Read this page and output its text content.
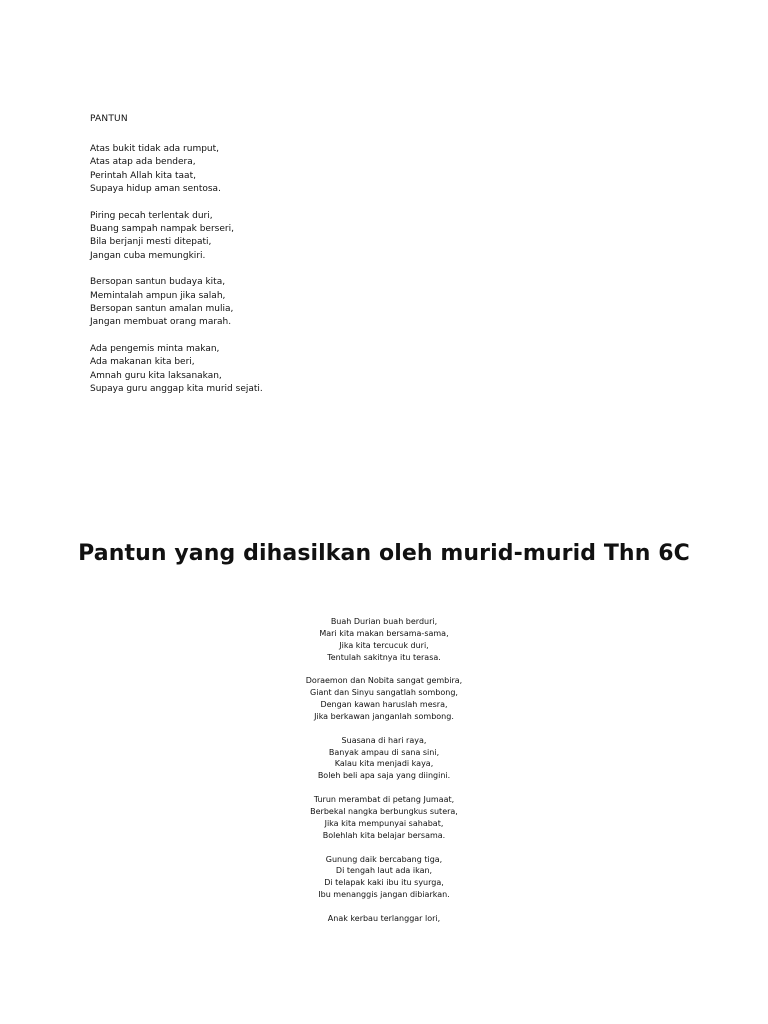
PANTUN
Atas bukit tidak ada rumput,
Atas atap ada bendera,
Perintah Allah kita taat,
Supaya hidup aman sentosa.
Piring pecah terlentak duri,
Buang sampah nampak berseri,
Bila berjanji mesti ditepati,
Jangan cuba memungkiri.
Bersopan santun budaya kita,
Memintalah ampun jika salah,
Bersopan santun amalan mulia,
Jangan membuat orang marah.
Ada pengemis minta makan,
Ada makanan kita beri,
Amnah guru kita laksanakan,
Supaya guru anggap kita murid sejati.
Pantun yang dihasilkan oleh murid-murid Thn 6C
Buah Durian buah berduri,
Mari kita makan bersama-sama,
Jika kita tercucuk duri,
Tentulah sakitnya itu terasa.
Doraemon dan Nobita sangat gembira,
Giant dan Sinyu sangatlah sombong,
Dengan kawan haruslah mesra,
Jika berkawan janganlah sombong.
Suasana di hari raya,
Banyak ampau di sana sini,
Kalau kita menjadi kaya,
Boleh beli apa saja yang diingini.
Turun merambat di petang Jumaat,
Berbekal nangka berbungkus sutera,
Jika kita mempunyai sahabat,
Bolehlah kita belajar bersama.
Gunung daik bercabang tiga,
Di tengah laut ada ikan,
Di telapak kaki ibu itu syurga,
Ibu menanggis jangan dibiarkan.
Anak kerbau terlanggar lori,
